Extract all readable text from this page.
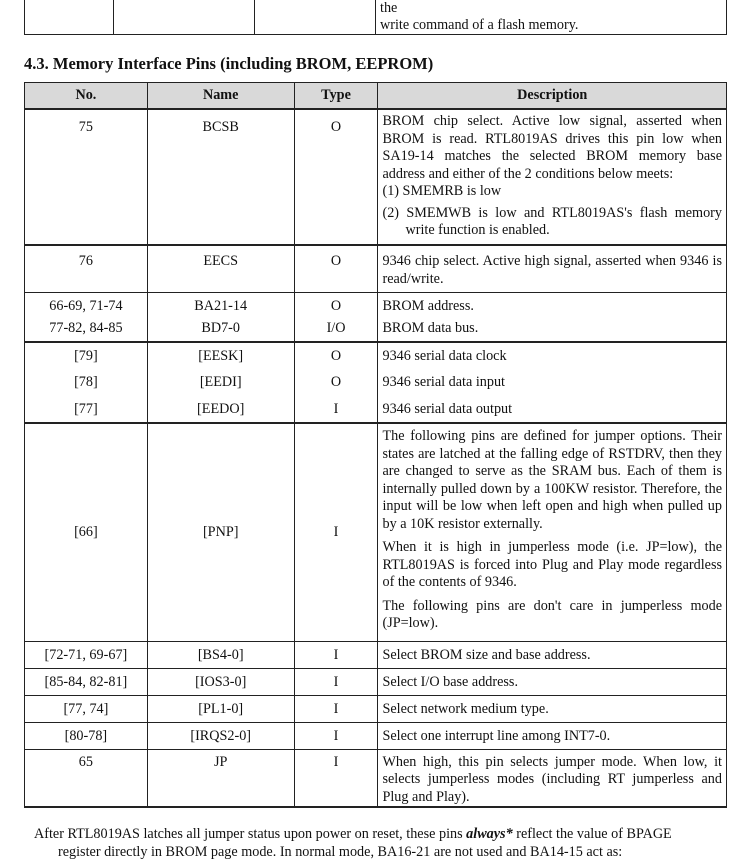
the
write command of a flash memory.
4.3. Memory Interface Pins (including BROM, EEPROM)
No.	Name	Type	Description
75	BCSB	O	BROM chip select. Active low signal, asserted when BROM is read. RTL8019AS drives this pin low when SA19-14 matches the selected BROM memory base address and either of the 2 conditions below meets:
(1) SMEMRB is low
(2) SMEMWB is low and RTL8019AS's flash memory write function is enabled.

76	EECS	O	9346 chip select. Active high signal, asserted when 9346 is read/write.
66-69, 71-74	BA21-14	O	BROM address.
77-82, 84-85	BD7-0	I/O	BROM data bus.
[79]	[EESK]	O	9346 serial data clock
[78]	[EEDI]	O	9346 serial data input
[77]	[EEDO]	I	9346 serial data output
[66]	[PNP]	I	The following pins are defined for jumper options. Their states are latched at the falling edge of RSTDRV, then they are changed to serve as the SRAM bus. Each of them is internally pulled down by a 100KW resistor. Therefore, the input will be low when left open and high when pulled up by a 10K resistor externally.
When it is high in jumperless mode (i.e. JP=low), the RTL8019AS is forced into Plug and Play mode regardless of the contents of 9346.
The following pins are don't care in jumperless mode (JP=low).

[72-71, 69-67]	[BS4-0]	I	Select BROM size and base address.
[85-84, 82-81]	[IOS3-0]	I	Select I/O base address.
[77, 74]	[PL1-0]	I	Select network medium type.
[80-78]	[IRQS2-0]	I	Select one interrupt line among INT7-0.
65	JP	I	When high, this pin selects jumper mode. When low, it selects jumperless modes (including RT jumperless and Plug and Play).
After RTL8019AS latches all jumper status upon power on reset, these pins always* reflect the value of BPAGE
register directly in BROM page mode. In normal mode, BA16-21 are not used and BA14-15 act as:
